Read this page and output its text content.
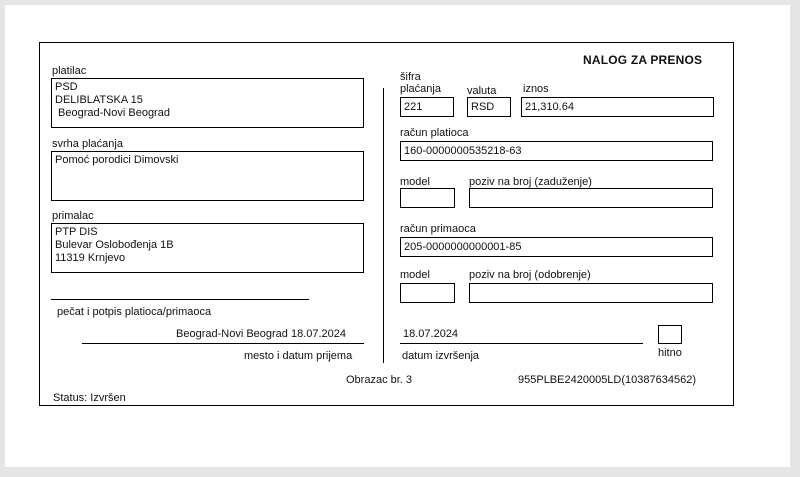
NALOG ZA PRENOS
platilac
PSD
DELIBLATSKA 15
Beograd-Novi Beograd
svrha plaćanja
Pomoć porodici Dimovski
primalac
PTP DIS
Bulevar Oslobođenja 1B
11319 Krnjevo
pečat i potpis platioca/primaoca
Beograd-Novi Beograd 18.07.2024
mesto i datum prijema
šifra
plaćanja
221
valuta
RSD
iznos
21,310.64
račun platioca
160-0000000535218-63
model	poziv na broj (zaduženje)
račun primaoca
205-0000000000001-85
model	poziv na broj (odobrenje)
18.07.2024
datum izvršenja	hitno
Obrazac br. 3	955PLBE2420005LD(10387634562)
Status: Izvršen
